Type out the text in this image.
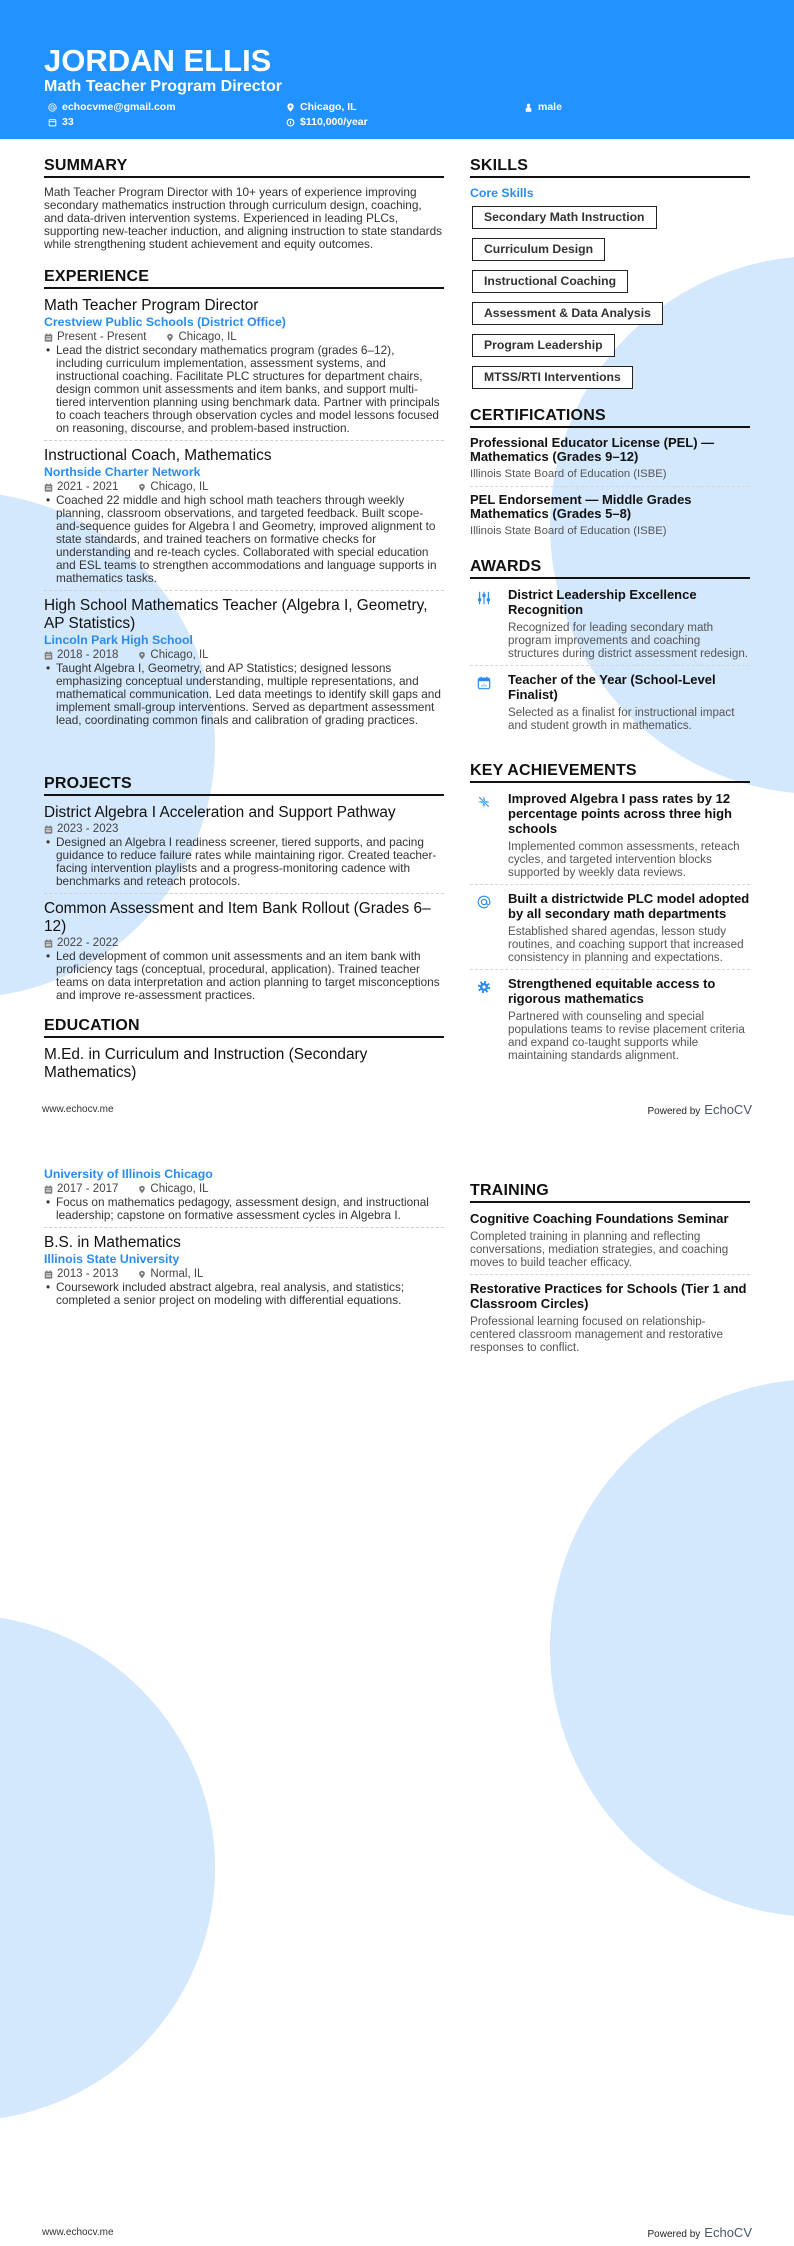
JORDAN ELLIS
Math Teacher Program Director
echocvme@gmail.com	Chicago, IL	male
33	$110,000/year
SUMMARY
Math Teacher Program Director with 10+ years of experience improving secondary mathematics instruction through curriculum design, coaching, and data-driven intervention systems. Experienced in leading PLCs, supporting new-teacher induction, and aligning instruction to state standards while strengthening student achievement and equity outcomes.
EXPERIENCE
Math Teacher Program Director
Crestview Public Schools (District Office)
Present - Present	Chicago, IL
• Lead the district secondary mathematics program (grades 6–12), including curriculum implementation, assessment systems, and instructional coaching. Facilitate PLC structures for department chairs, design common unit assessments and item banks, and support multi-tiered intervention planning using benchmark data. Partner with principals to coach teachers through observation cycles and model lessons focused on reasoning, discourse, and problem-based instruction.
Instructional Coach, Mathematics
Northside Charter Network
2021 - 2021	Chicago, IL
• Coached 22 middle and high school math teachers through weekly planning, classroom observations, and targeted feedback. Built scope-and-sequence guides for Algebra I and Geometry, improved alignment to state standards, and trained teachers on formative checks for understanding and re-teach cycles. Collaborated with special education and ESL teams to strengthen accommodations and language supports in mathematics tasks.
High School Mathematics Teacher (Algebra I, Geometry, AP Statistics)
Lincoln Park High School
2018 - 2018	Chicago, IL
• Taught Algebra I, Geometry, and AP Statistics; designed lessons emphasizing conceptual understanding, multiple representations, and mathematical communication. Led data meetings to identify skill gaps and implement small-group interventions. Served as department assessment lead, coordinating common finals and calibration of grading practices.
PROJECTS
District Algebra I Acceleration and Support Pathway
2023 - 2023
• Designed an Algebra I readiness screener, tiered supports, and pacing guidance to reduce failure rates while maintaining rigor. Created teacher-facing intervention playlists and a progress-monitoring cadence with benchmarks and reteach protocols.
Common Assessment and Item Bank Rollout (Grades 6–12)
2022 - 2022
• Led development of common unit assessments and an item bank with proficiency tags (conceptual, procedural, application). Trained teacher teams on data interpretation and action planning to target misconceptions and improve re-assessment practices.
EDUCATION
M.Ed. in Curriculum and Instruction (Secondary Mathematics)
SKILLS
Core Skills
Secondary Math Instruction
Curriculum Design
Instructional Coaching
Assessment & Data Analysis
Program Leadership
MTSS/RTI Interventions
CERTIFICATIONS
Professional Educator License (PEL) — Mathematics (Grades 9–12)
Illinois State Board of Education (ISBE)
PEL Endorsement — Middle Grades Mathematics (Grades 5–8)
Illinois State Board of Education (ISBE)
AWARDS
District Leadership Excellence Recognition
Recognized for leading secondary math program improvements and coaching structures during district assessment redesign.
Teacher of the Year (School-Level Finalist)
Selected as a finalist for instructional impact and student growth in mathematics.
KEY ACHIEVEMENTS
Improved Algebra I pass rates by 12 percentage points across three high schools
Implemented common assessments, reteach cycles, and targeted intervention blocks supported by weekly data reviews.
Built a districtwide PLC model adopted by all secondary math departments
Established shared agendas, lesson study routines, and coaching support that increased consistency in planning and expectations.
Strengthened equitable access to rigorous mathematics
Partnered with counseling and special populations teams to revise placement criteria and expand co-taught supports while maintaining standards alignment.
www.echocv.me	Powered by EchoCV
University of Illinois Chicago
2017 - 2017	Chicago, IL
• Focus on mathematics pedagogy, assessment design, and instructional leadership; capstone on formative assessment cycles in Algebra I.
B.S. in Mathematics
Illinois State University
2013 - 2013	Normal, IL
• Coursework included abstract algebra, real analysis, and statistics; completed a senior project on modeling with differential equations.
TRAINING
Cognitive Coaching Foundations Seminar
Completed training in planning and reflecting conversations, mediation strategies, and coaching moves to build teacher efficacy.
Restorative Practices for Schools (Tier 1 and Classroom Circles)
Professional learning focused on relationship-centered classroom management and restorative responses to conflict.
www.echocv.me	Powered by EchoCV
